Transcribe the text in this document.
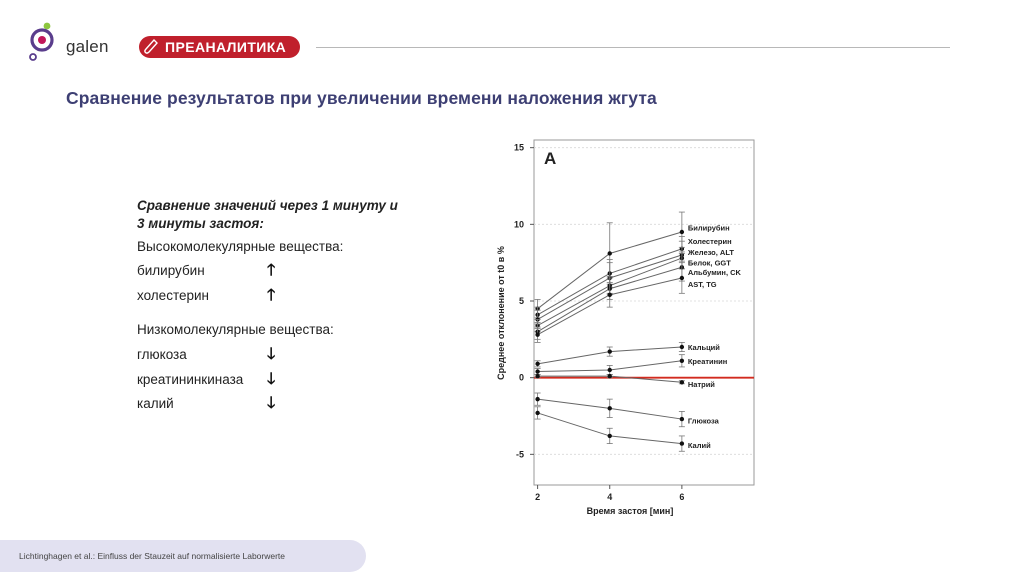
galen	ПРЕАНАЛИТИКА
Сравнение результатов при увеличении времени наложения жгута
Сравнение значений через 1 минуту и 3 минуты застоя:
Высокомолекулярные вещества:
билирубин	🡑
холестерин	🡑
Низкомолекулярные вещества:
глюкоза	🡓
креатининкиназа 🡓
калий	🡓
Билирубин
Холестерин
Железо, ALT
Белок, GGT
Альбумин, CK
AST, TG
Кальций
Креатинин
Натрий
Глюкоза
Калий
-5
0
5
10
15
2	4	6
A
Среднее отклонение от t0 в %
Время застоя [мин]
Lichtinghagen et al.: Einfluss der Stauzeit auf normalisierte Laborwerte
